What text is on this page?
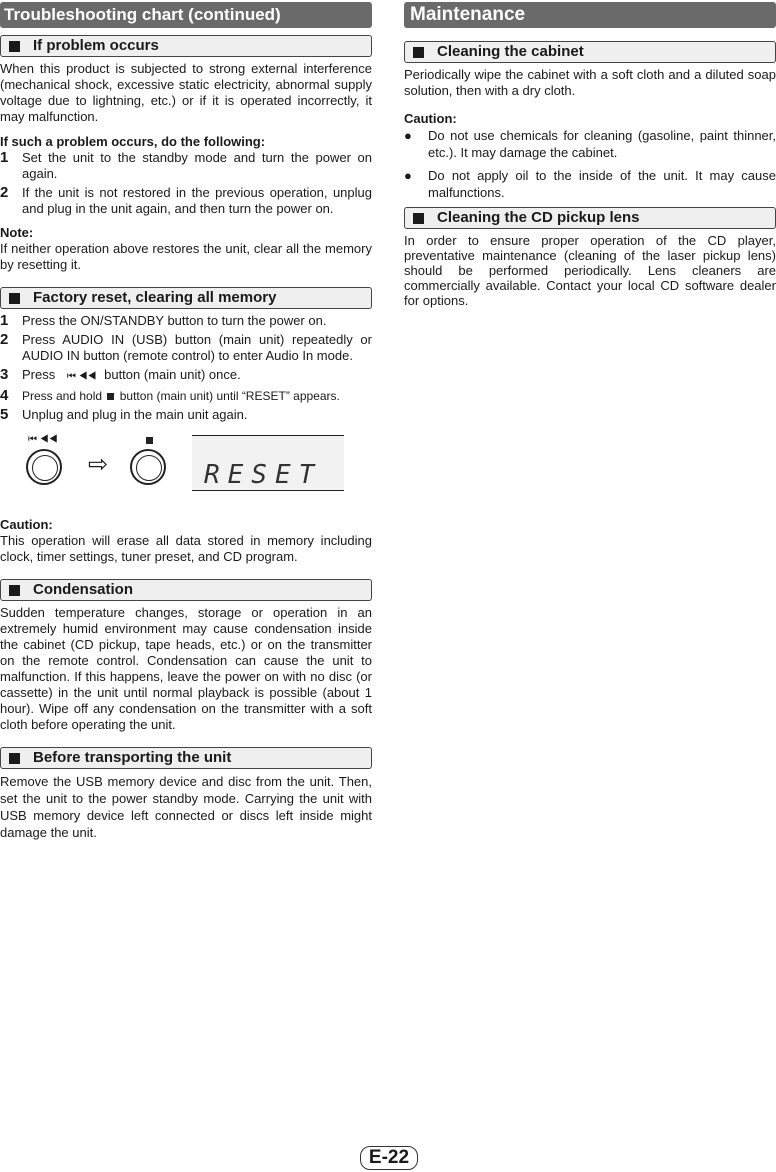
Troubleshooting chart (continued)
If problem occurs

When this product is subjected to strong external interference (mechanical shock, excessive static electricity, abnormal supply voltage due to lightning, etc.) or if it is operated incorrectly, it may malfunction.

If such a problem occurs, do the following:
1	Set the unit to the standby mode and turn the power on again.
2	If the unit is not restored in the previous operation, unplug and plug in the unit again, and then turn the power on.
Note:

If neither operation above restores the unit, clear all the memory by resetting it.

Factory reset, clearing all memory
1	Press the ON/STANDBY button to turn the power on.
2	Press AUDIO IN (USB) button (main unit) repeatedly or AUDIO IN button (remote control) to enter Audio In mode.
3	Press ⏮ ◀◀ button (main unit) once.
4	Press and hold button (main unit) until “RESET” appears.
5	Unplug and plug in the main unit again.
⏮ ◀◀
⇨	RESET
Caution:

This operation will erase all data stored in memory including clock, timer settings, tuner preset, and CD program.

Condensation

Sudden temperature changes, storage or operation in an extremely humid environment may cause condensation inside the cabinet (CD pickup, tape heads, etc.) or on the transmitter on the remote control. Condensation can cause the unit to malfunction. If this happens, leave the power on with no disc (or cassette) in the unit until normal playback is possible (about 1 hour). Wipe off any condensation on the transmitter with a soft cloth before operating the unit.

Before transporting the unit

Remove the USB memory device and disc from the unit. Then, set the unit to the power standby mode. Carrying the unit with USB memory device left connected or discs left inside might damage the unit.

Maintenance
Cleaning the cabinet

Periodically wipe the cabinet with a soft cloth and a diluted soap solution, then with a dry cloth.

Caution:
●	Do not use chemicals for cleaning (gasoline, paint thinner, etc.). It may damage the cabinet.
●	Do not apply oil to the inside of the unit. It may cause malfunctions.
Cleaning the CD pickup lens

In order to ensure proper operation of the CD player, preventative maintenance (cleaning of the laser pickup lens) should be performed periodically. Lens cleaners are commercially available. Contact your local CD software dealer for options.

E-22
